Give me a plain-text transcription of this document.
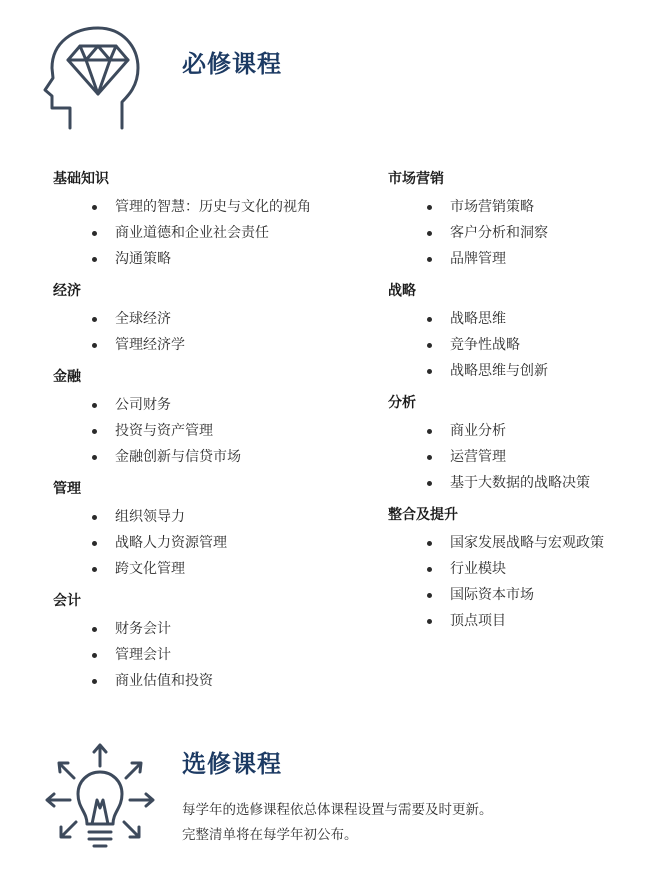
必修课程
基础知识
管理的智慧：历史与文化的视角
商业道德和企业社会责任
沟通策略
经济
全球经济
管理经济学
金融
公司财务
投资与资产管理
金融创新与信贷市场
管理
组织领导力
战略人力资源管理
跨文化管理
会计
财务会计
管理会计
商业估值和投资
市场营销
市场营销策略
客户分析和洞察
品牌管理
战略
战略思维
竞争性战略
战略思维与创新
分析
商业分析
运营管理
基于大数据的战略决策
整合及提升
国家发展战略与宏观政策
行业模块
国际资本市场
顶点项目
选修课程

每学年的选修课程依总体课程设置与需要及时更新。

完整清单将在每学年初公布。
